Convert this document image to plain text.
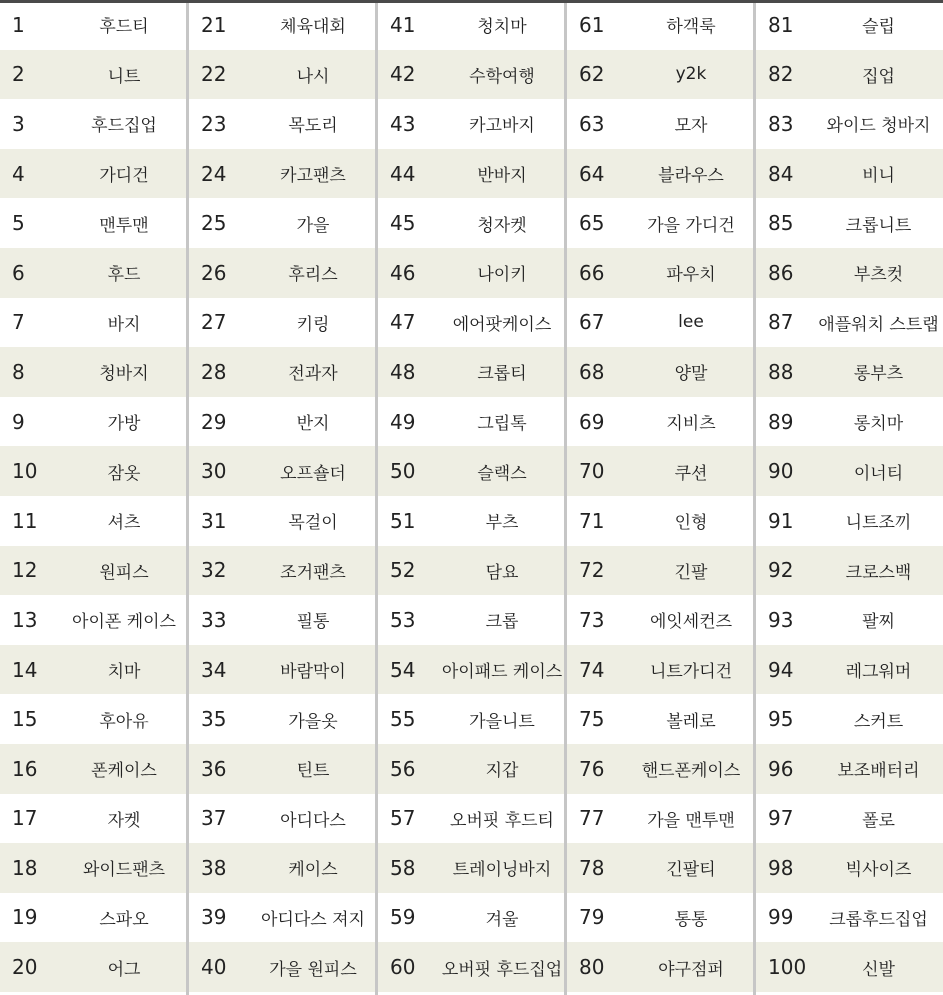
1	후드티
2	니트
3	후드집업
4	가디건
5	맨투맨
6	후드
7	바지
8	청바지
9	가방
10	잠옷
11	셔츠
12	원피스
13	아이폰 케이스
14	치마
15	후아유
16	폰케이스
17	자켓
18	와이드팬츠
19	스파오
20	어그
21	체육대회
22	나시
23	목도리
24	카고팬츠
25	가을
26	후리스
27	키링
28	전과자
29	반지
30	오프숄더
31	목걸이
32	조거팬츠
33	필통
34	바람막이
35	가을옷
36	틴트
37	아디다스
38	케이스
39	아디다스 져지
40	가을 원피스
41	청치마
42	수학여행
43	카고바지
44	반바지
45	청자켓
46	나이키
47	에어팟케이스
48	크롭티
49	그립톡
50	슬랙스
51	부츠
52	담요
53	크롭
54	아이패드 케이스
55	가을니트
56	지갑
57	오버핏 후드티
58	트레이닝바지
59	겨울
60	오버핏 후드집업
61	하객룩
62	y2k
63	모자
64	블라우스
65	가을 가디건
66	파우치
67	lee
68	양말
69	지비츠
70	쿠션
71	인형
72	긴팔
73	에잇세컨즈
74	니트가디건
75	볼레로
76	핸드폰케이스
77	가을 맨투맨
78	긴팔티
79	통통
80	야구점퍼
81	슬립
82	집업
83	와이드 청바지
84	비니
85	크롭니트
86	부츠컷
87	애플워치 스트랩
88	롱부츠
89	롱치마
90	이너티
91	니트조끼
92	크로스백
93	팔찌
94	레그워머
95	스커트
96	보조배터리
97	폴로
98	빅사이즈
99	크롭후드집업
100	신발
